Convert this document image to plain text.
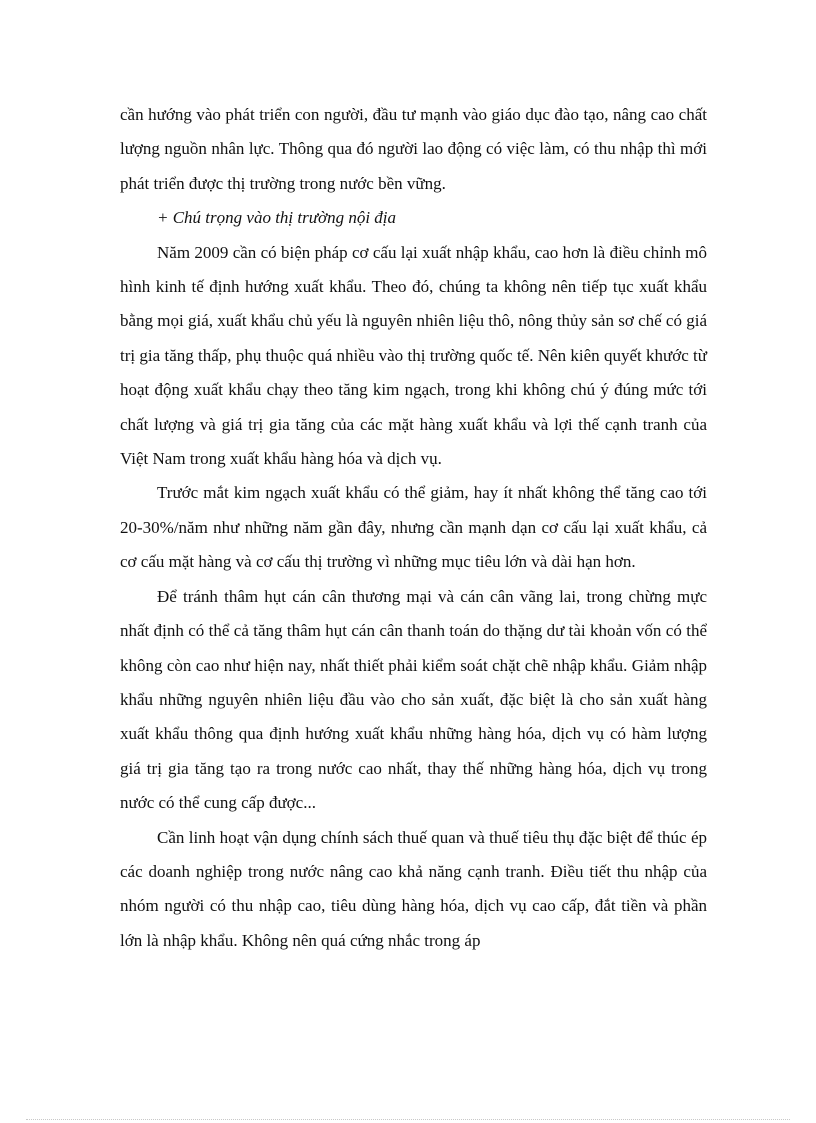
cần hướng vào phát triển con người, đầu tư mạnh vào giáo dục đào tạo, nâng cao chất lượng nguồn nhân lực. Thông qua đó người lao động có việc làm, có thu nhập thì mới phát triển được thị trường trong nước bền vững.

+ Chú trọng vào thị trường nội địa

Năm 2009 cần có biện pháp cơ cấu lại xuất nhập khẩu, cao hơn là điều chỉnh mô hình kinh tế định hướng xuất khẩu. Theo đó, chúng ta không nên tiếp tục xuất khẩu bằng mọi giá, xuất khẩu chủ yếu là nguyên nhiên liệu thô, nông thủy sản sơ chế có giá trị gia tăng thấp, phụ thuộc quá nhiều vào thị trường quốc tế. Nên kiên quyết khước từ hoạt động xuất khẩu chạy theo tăng kim ngạch, trong khi không chú ý đúng mức tới chất lượng và giá trị gia tăng của các mặt hàng xuất khẩu và lợi thế cạnh tranh của Việt Nam trong xuất khẩu hàng hóa và dịch vụ.

Trước mắt kim ngạch xuất khẩu có thể giảm, hay ít nhất không thể tăng cao tới 20-30%/năm như những năm gần đây, nhưng cần mạnh dạn cơ cấu lại xuất khẩu, cả cơ cấu mặt hàng và cơ cấu thị trường vì những mục tiêu lớn và dài hạn hơn.

Để tránh thâm hụt cán cân thương mại và cán cân vãng lai, trong chừng mực nhất định có thể cả tăng thâm hụt cán cân thanh toán do thặng dư tài khoản vốn có thể không còn cao như hiện nay, nhất thiết phải kiểm soát chặt chẽ nhập khẩu. Giảm nhập khẩu những nguyên nhiên liệu đầu vào cho sản xuất, đặc biệt là cho sản xuất hàng xuất khẩu thông qua định hướng xuất khẩu những hàng hóa, dịch vụ có hàm lượng giá trị gia tăng tạo ra trong nước cao nhất, thay thế những hàng hóa, dịch vụ trong nước có thể cung cấp được...

Cần linh hoạt vận dụng chính sách thuế quan và thuế tiêu thụ đặc biệt để thúc ép các doanh nghiệp trong nước nâng cao khả năng cạnh tranh. Điều tiết thu nhập của nhóm người có thu nhập cao, tiêu dùng hàng hóa, dịch vụ cao cấp, đắt tiền và phần lớn là nhập khẩu. Không nên quá cứng nhắc trong áp
